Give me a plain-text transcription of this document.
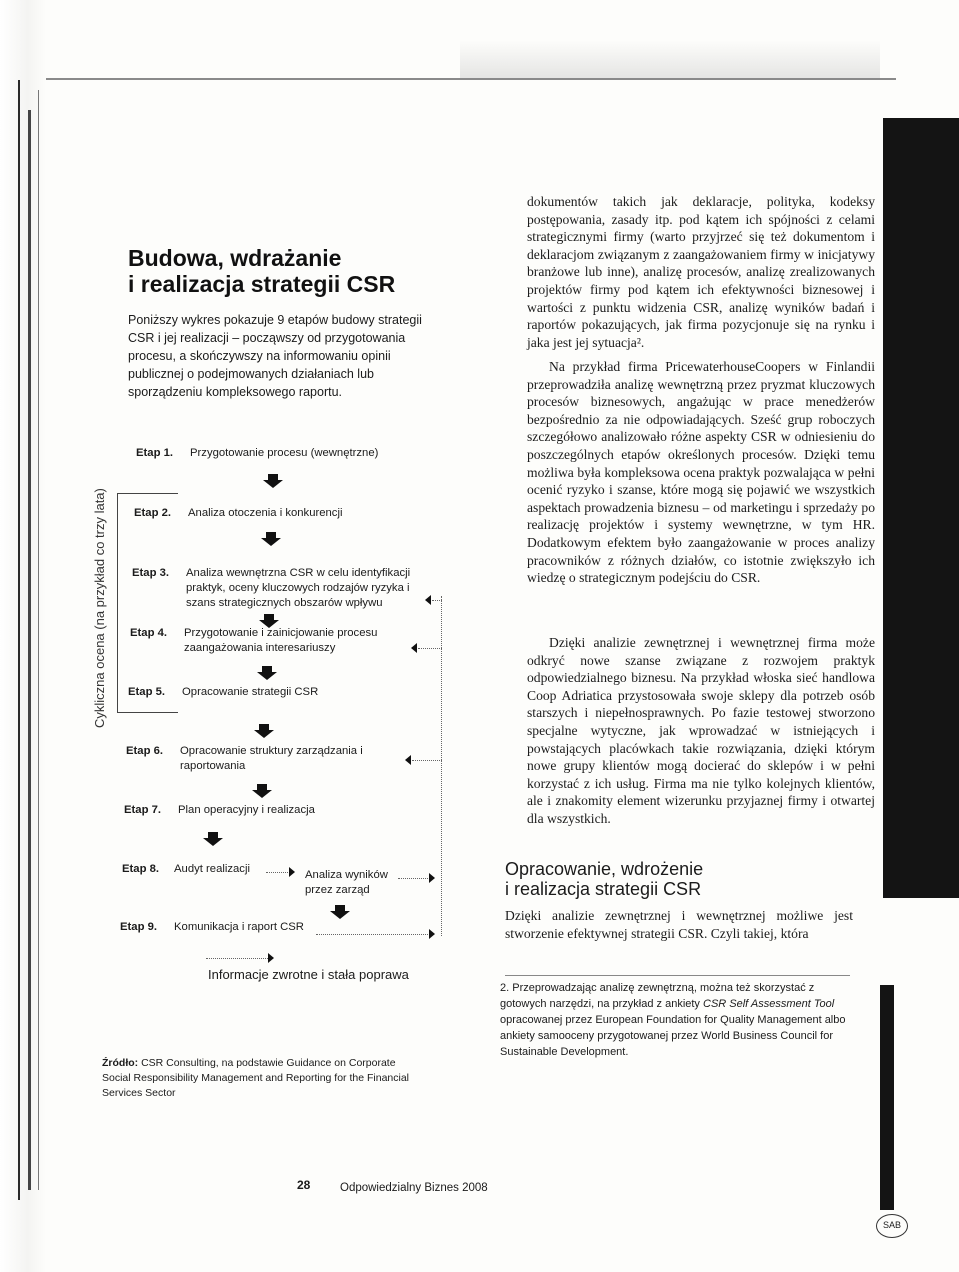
SAB
Budowa, wdrażanie
i realizacja strategii CSR
Poniższy wykres pokazuje 9 etapów budowy strategii CSR i jej realizacji – począwszy od przygotowania procesu, a skończywszy na informowaniu opinii publicznej o podejmowanych działaniach lub sporządzeniu kompleksowego raportu.
Cykliczna ocena (na przykład co trzy lata)
Etap 1. Przygotowanie procesu (wewnętrzne)
Etap 2. Analiza otoczenia i konkurencji
Etap 3. Analiza wewnętrzna CSR w celu identyfikacji praktyk, oceny kluczowych rodzajów ryzyka i szans strategicznych obszarów wpływu
Etap 4. Przygotowanie i zainicjowanie procesu zaangażowania interesariuszy
Etap 5. Opracowanie strategii CSR
Etap 6. Opracowanie struktury zarządzania i raportowania
Etap 7. Plan operacyjny i realizacja
Etap 8. Audyt realizacji	Analiza wyników przez zarząd
Etap 9. Komunikacja i raport CSR
Informacje zwrotne i stała poprawa
Źródło: CSR Consulting, na podstawie Guidance on Corporate Social Responsibility Management and Reporting for the Financial Services Sector

dokumentów takich jak deklaracje, polityka, kodeksy postępowania, zasady itp. pod kątem ich spójności z celami strategicznymi firmy (warto przyjrzeć się też dokumentom i deklaracjom związanym z zaangażowaniem firmy w inicjatywy branżowe lub inne), analizę procesów, analizę zrealizowanych projektów firmy pod kątem ich efektywności biznesowej i wartości z punktu widzenia CSR, analizę wyników badań i raportów pokazujących, jak firma pozycjonuje się na rynku i jaka jest jej sytuacja².

Na przykład firma PricewaterhouseCoopers w Finlandii przeprowadziła analizę wewnętrzną przez pryzmat kluczowych procesów biznesowych, angażując w prace menedżerów bezpośrednio za nie odpowiadających. Sześć grup roboczych szczegółowo analizowało różne aspekty CSR w odniesieniu do poszczególnych etapów określonych procesów. Dzięki temu możliwa była kompleksowa ocena praktyk pozwalająca w pełni ocenić ryzyko i szanse, które mogą się pojawić we wszystkich aspektach prowadzenia biznesu – od marketingu i sprzedaży po realizację projektów i systemy wewnętrzne, w tym HR. Dodatkowym efektem było zaangażowanie w proces analizy pracowników z różnych działów, co istotnie zwiększyło ich wiedzę o strategicznym podejściu do CSR.

Dzięki analizie zewnętrznej i wewnętrznej firma może odkryć nowe szanse związane z rozwojem praktyk odpowiedzialnego biznesu. Na przykład włoska sieć handlowa Coop Adriatica przystosowała swoje sklepy dla potrzeb osób starszych i niepełnosprawnych. Po fazie testowej stworzono specjalne wytyczne, jak wprowadzać w istniejących i powstających placówkach takie rozwiązania, dzięki którym nowe grupy klientów mogą docierać do sklepów i w pełni korzystać z ich usług. Firma ma nie tylko kolejnych klientów, ale i znakomity element wizerunku przyjaznej firmy i otwartej dla wszystkich.

Opracowanie, wdrożenie
i realizacja strategii CSR

Dzięki analizie zewnętrznej i wewnętrznej możliwe jest stworzenie efektywnej strategii CSR. Czyli takiej, która

2. Przeprowadzając analizę zewnętrzną, można też skorzystać z gotowych narzędzi, na przykład z ankiety CSR Self Assessment Tool opracowanej przez European Foundation for Quality Management albo ankiety samooceny przygotowanej przez World Business Council for Sustainable Development.
28	Odpowiedzialny Biznes 2008
